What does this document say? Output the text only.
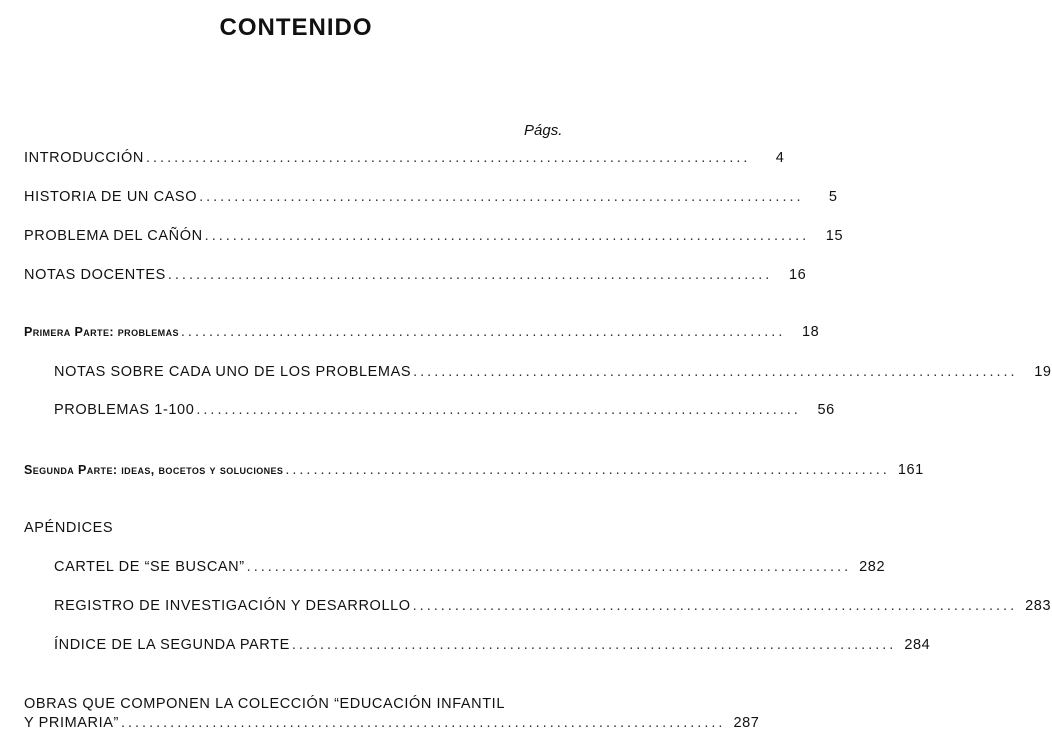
CONTENIDO
Págs.
INTRODUCCIÓN ......................................................................................	4
HISTORIA DE UN CASO ......................................................................................	5
PROBLEMA DEL CAÑÓN ......................................................................................	15
NOTAS DOCENTES ......................................................................................	16
Primera Parte: problemas ......................................................................................	18
NOTAS SOBRE CADA UNO DE LOS PROBLEMAS ......................................................................................	19
PROBLEMAS 1-100 ......................................................................................	56
Segunda Parte: ideas, bocetos y soluciones ...................................................................................... 161
APÉNDICES
CARTEL DE “SE BUSCAN” ...................................................................................... 282
REGISTRO DE INVESTIGACIÓN Y DESARROLLO ...................................................................................... 283
ÍNDICE DE LA SEGUNDA PARTE ...................................................................................... 284
OBRAS QUE COMPONEN LA COLECCIÓN “EDUCACIÓN INFANTIL
Y PRIMARIA” ...................................................................................... 287
